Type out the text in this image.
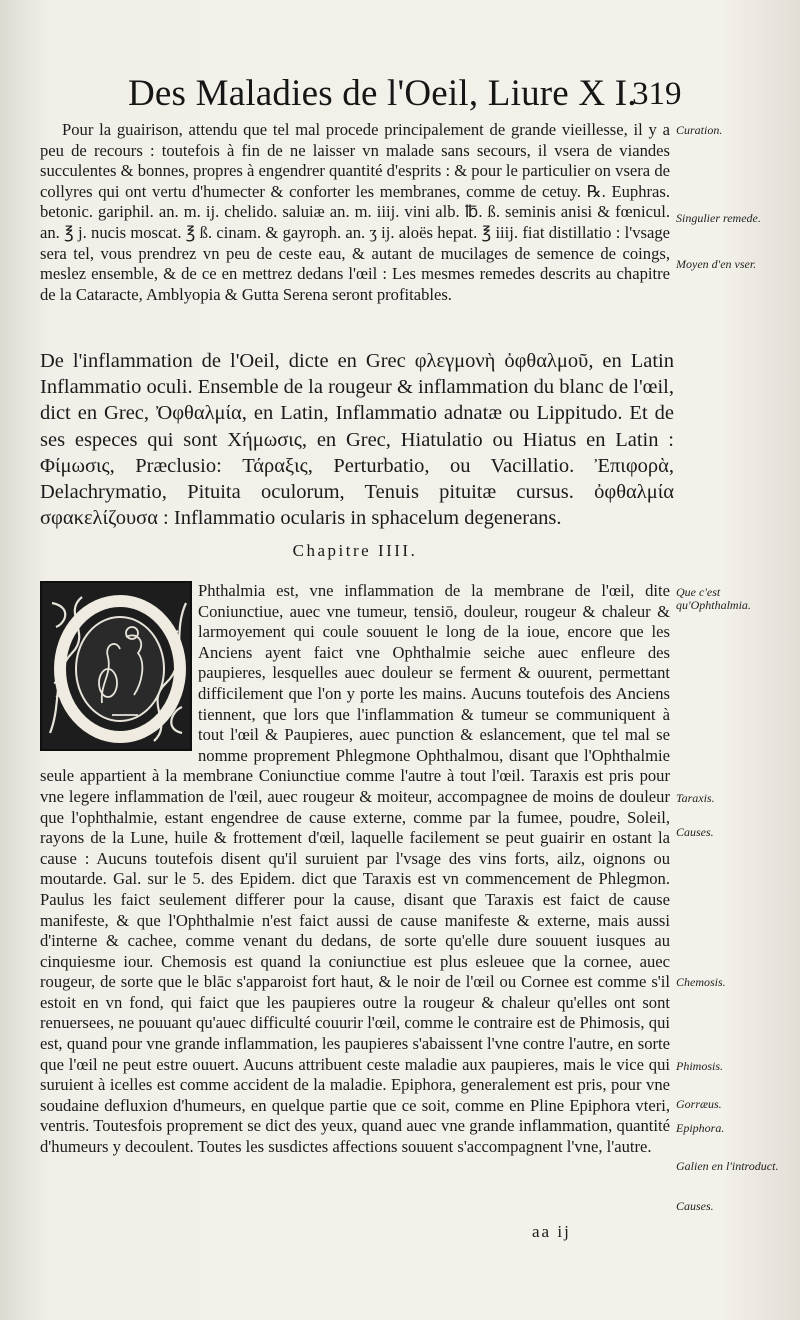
Des Maladies de l'Oeil, Liure X I.
319

Pour la guairison, attendu que tel mal procede principalement de grande vieillesse, il y a peu de recours : toutefois à fin de ne laisser vn malade sans secours, il vsera de viandes succulentes & bonnes, propres à engendrer quantité d'esprits : & pour le particulier on vsera de collyres qui ont vertu d'humecter & conforter les membranes, comme de cetuy. ℞. Euphras. betonic. gariphil. an. m. ij. chelido. saluiæ an. m. iiij. vini alb. ℔. ß. seminis anisi & fœnicul. an. ℥ j. nucis moscat. ℥ ß. cinam. & gayroph. an. ʒ ij. aloës hepat. ℥ iiij. fiat distillatio : l'vsage sera tel, vous prendrez vn peu de ceste eau, & autant de mucilages de semence de coings, meslez ensemble, & de ce en mettrez dedans l'œil : Les mesmes remedes descrits au chapitre de la Cataracte, Amblyopia & Gutta Serena seront profitables.

De l'inflammation de l'Oeil, dicte en Grec φλεγμονὴ ὀφθαλμοῦ, en Latin Inflammatio oculi. Ensemble de la rougeur & inflammation du blanc de l'œil, dict en Grec, Ὀφθαλμία, en Latin, Inflammatio adnatæ ou Lippitudo. Et de ses especes qui sont Χήμωσις, en Grec, Hiatulatio ou Hiatus en Latin : Φίμωσις, Præclusio: Τάραξις, Perturbatio, ou Vacillatio. Ἐπιφορὰ, Delachrymatio, Pituita oculorum, Tenuis pituitæ cursus. ὀφθαλμία σφακελίζουσα : Inflammatio ocularis in sphacelum degenerans.

Chapitre IIII.

Phthalmia est, vne inflammation de la membrane de l'œil, dite Coniunctiue, auec vne tumeur, tensiō, douleur, rougeur & chaleur & larmoyement qui coule souuent le long de la ioue, encore que les Anciens ayent faict vne Ophthalmie seiche auec enfleure des paupieres, lesquelles auec douleur se ferment & ouurent, permettant difficilement que l'on y porte les mains. Aucuns toutefois des Anciens tiennent, que lors que l'inflammation & tumeur se communiquent à tout l'œil & Paupieres, auec punction & eslancement, que tel mal se nomme proprement Phlegmone Ophthalmou, disant que l'Ophthalmie seule appartient à la membrane Coniunctiue comme l'autre à tout l'œil. Taraxis est pris pour vne legere inflammation de l'œil, auec rougeur & moiteur, accompagnee de moins de douleur que l'ophthalmie, estant engendree de cause externe, comme par la fumee, poudre, Soleil, rayons de la Lune, huile & frottement d'œil, laquelle facilement se peut guairir en ostant la cause : Aucuns toutefois disent qu'il suruient par l'vsage des vins forts, ailz, oignons ou moutarde. Gal. sur le 5. des Epidem. dict que Taraxis est vn commencement de Phlegmon. Paulus les faict seulement differer pour la cause, disant que Taraxis est faict de cause manifeste, & que l'Ophthalmie n'est faict aussi de cause manifeste & externe, mais aussi d'interne & cachee, comme venant du dedans, de sorte qu'elle dure souuent iusques au cinquiesme iour. Chemosis est quand la coniunctiue est plus esleuee que la cornee, auec rougeur, de sorte que le blāc s'apparoist fort haut, & le noir de l'œil ou Cornee est comme s'il estoit en vn fond, qui faict que les paupieres outre la rougeur & chaleur qu'elles ont sont renuersees, ne pouuant qu'auec difficulté couurir l'œil, comme le contraire est de Phimosis, qui est, quand pour vne grande inflammation, les paupieres s'abaissent l'vne contre l'autre, en sorte que l'œil ne peut estre ouuert. Aucuns attribuent ceste maladie aux paupieres, mais le vice qui suruient à icelles est comme accident de la maladie. Epiphora, generalement est pris, pour vne soudaine defluxion d'humeurs, en quelque partie que ce soit, comme en Pline Epiphora vteri, ventris. Toutesfois proprement se dict des yeux, quand auec vne grande inflammation, quantité d'humeurs y decoulent. Toutes les susdictes affections souuent s'accompagnent l'vne, l'autre.

Curation.
Singulier remede.
Moyen d'en vser.
Que c'est qu'Ophthalmia.
Taraxis.
Causes.
Chemosis.
Phimosis.
Gorræus.
Epiphora.
Galien en l'introduct.
Causes.
aa ij
